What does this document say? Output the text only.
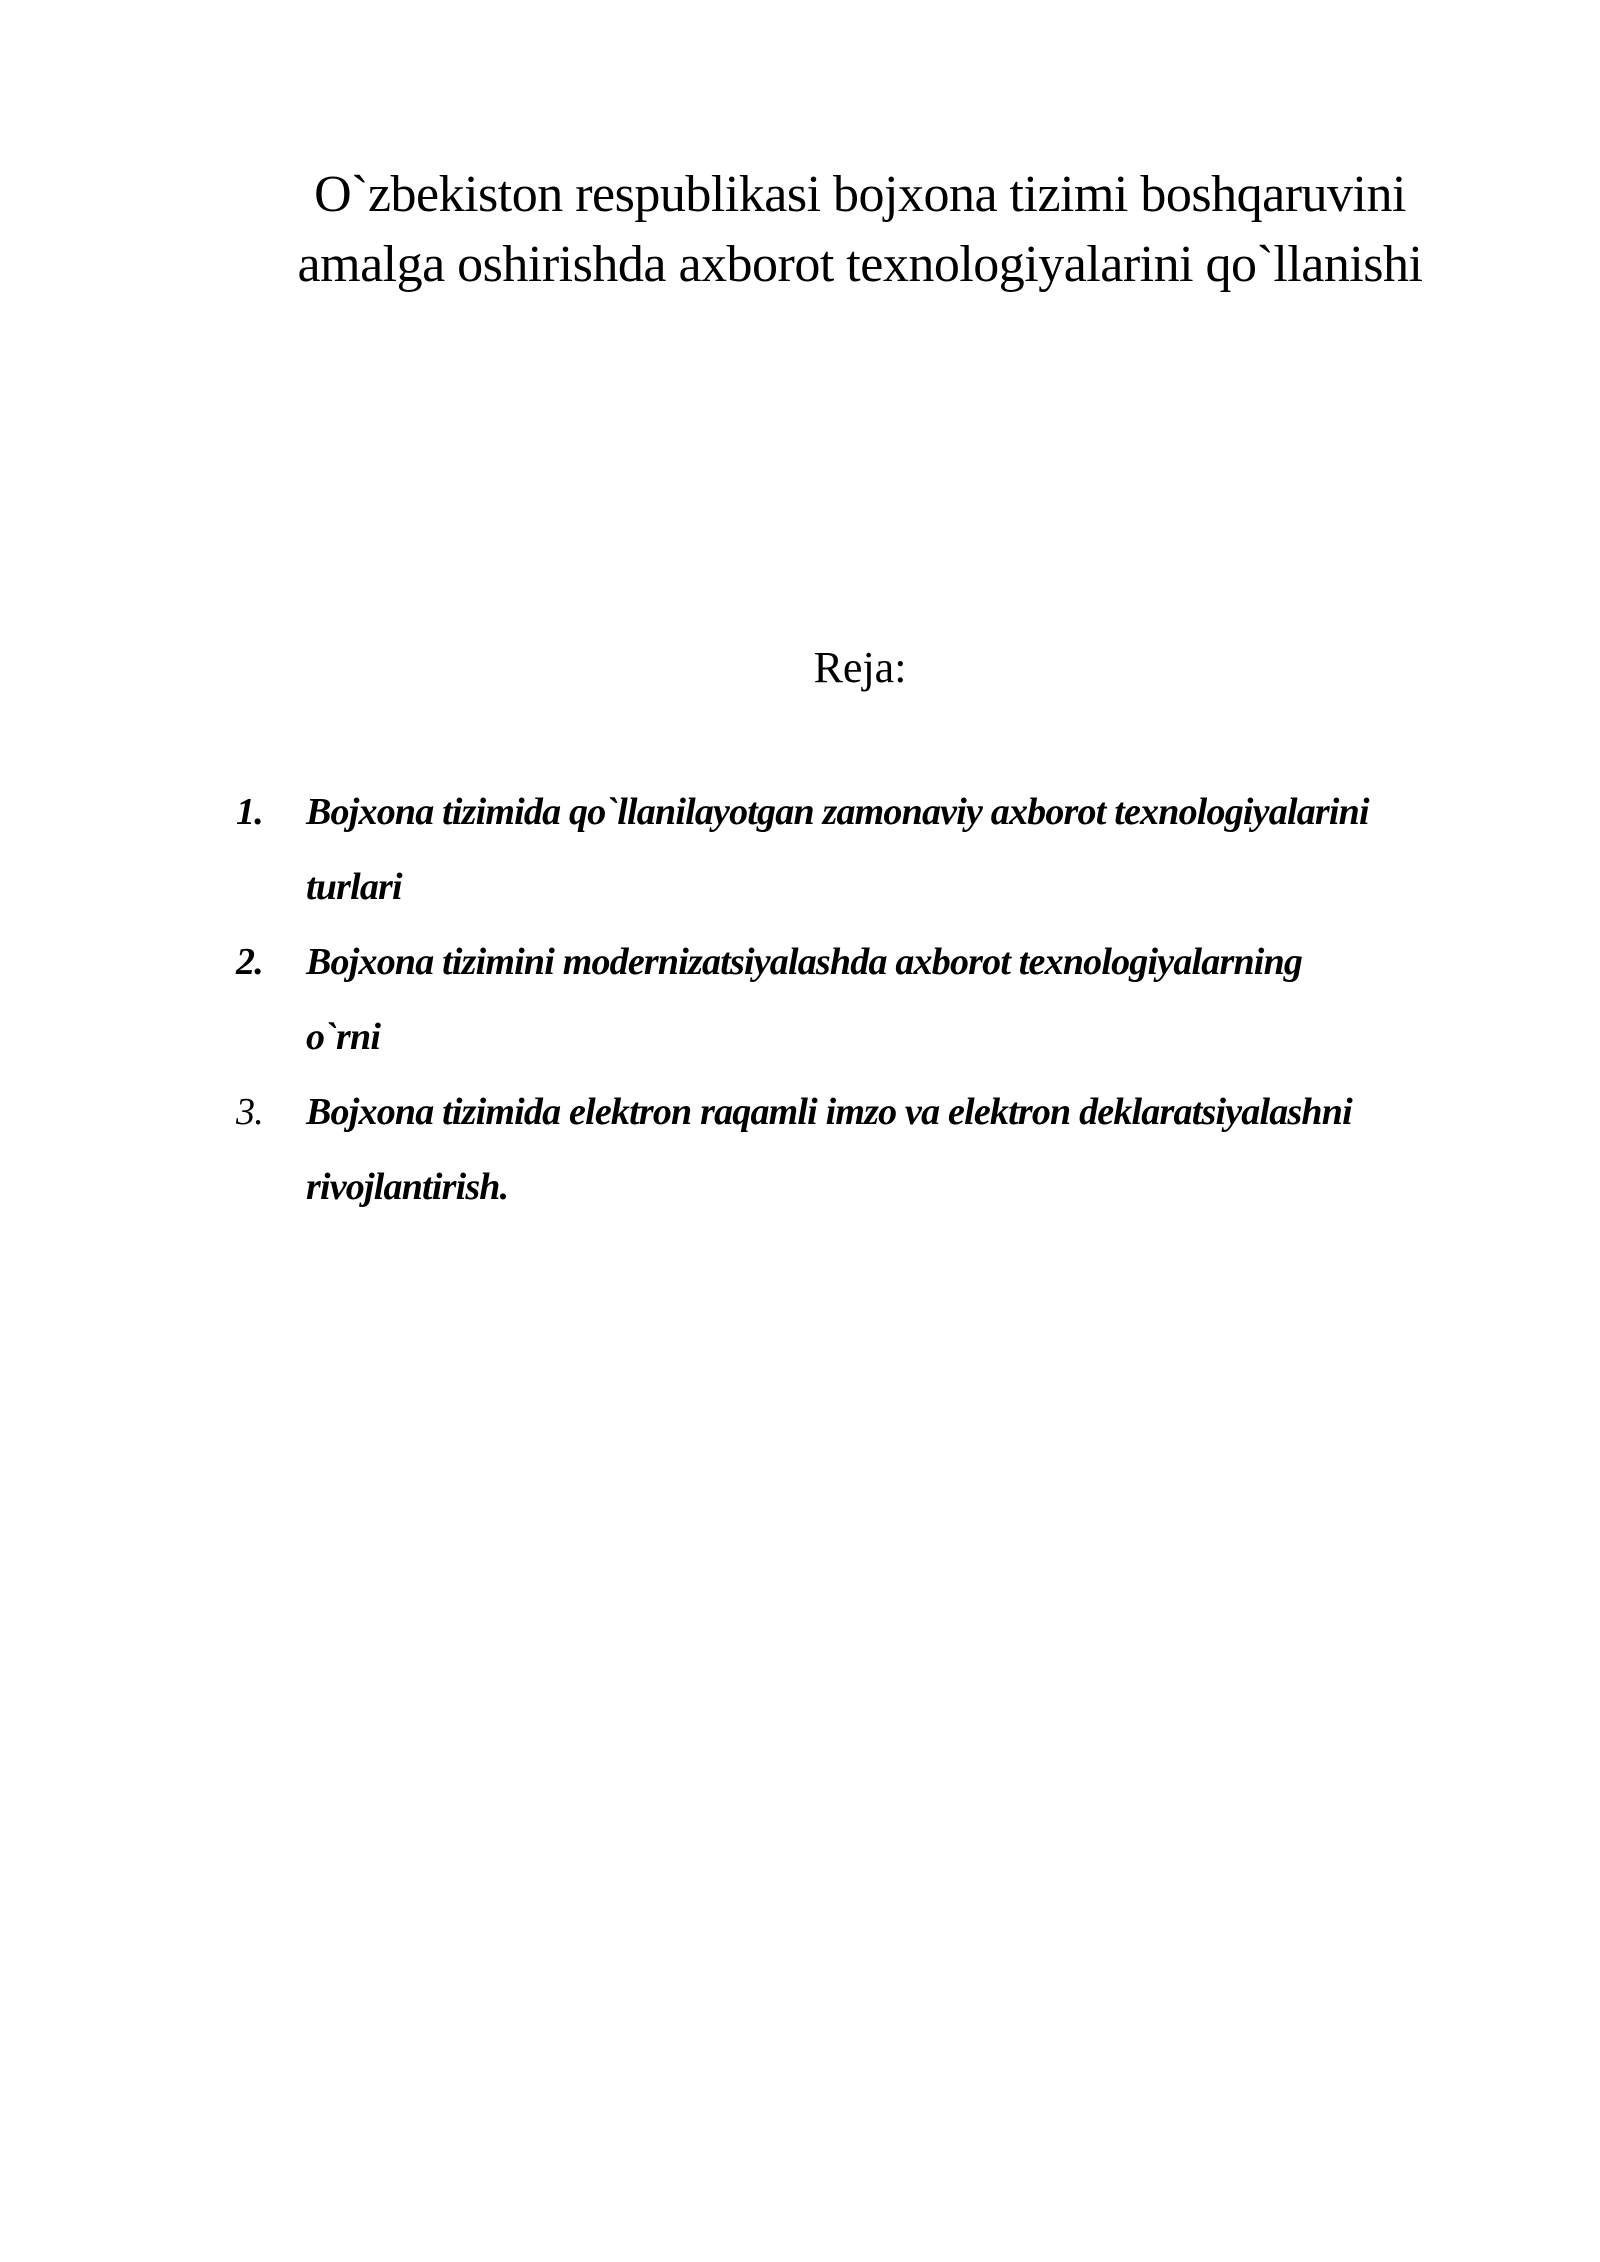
O`zbekiston respublikasi bojxona tizimi boshqaruvini
amalga oshirishda axborot texnologiyalarini qo`llanishi
Reja:
1. Bojxona tizimida qo`llanilayotgan zamonaviy axborot texnologiyalarini
turlari
2. Bojxona tizimini modernizatsiyalashda axborot texnologiyalarning
o`rni
3. Bojxona tizimida elektron raqamli imzo va elektron deklaratsiyalashni
rivojlantirish.
